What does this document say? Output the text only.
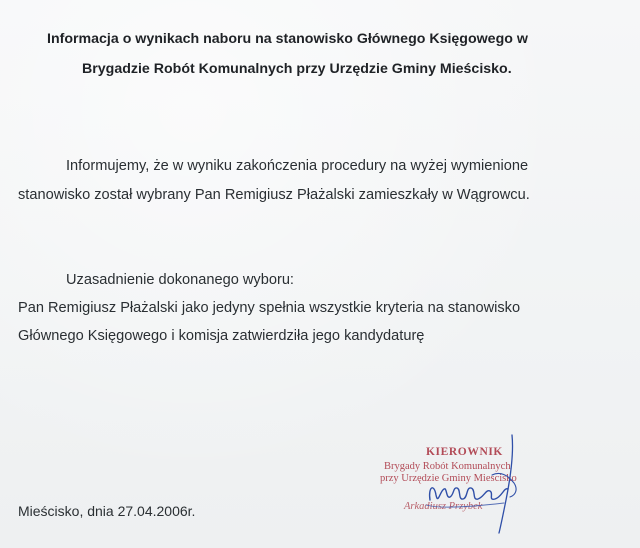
Informacja o wynikach naboru na stanowisko Głównego Księgowego w
Brygadzie Robót Komunalnych przy Urzędzie Gminy Mieścisko.
Informujemy, że w wyniku zakończenia procedury na wyżej wymienione
stanowisko został wybrany Pan Remigiusz Płażalski zamieszkały w Wągrowcu.
Uzasadnienie dokonanego wyboru:
Pan Remigiusz Płażalski jako jedyny spełnia wszystkie kryteria na stanowisko
Głównego Księgowego i komisja zatwierdziła jego kandydaturę
Mieścisko, dnia 27.04.2006r.
KIEROWNIK
Brygady Robót Komunalnych
przy Urzędzie Gminy Mieścisko
Arkadiusz Przybek
